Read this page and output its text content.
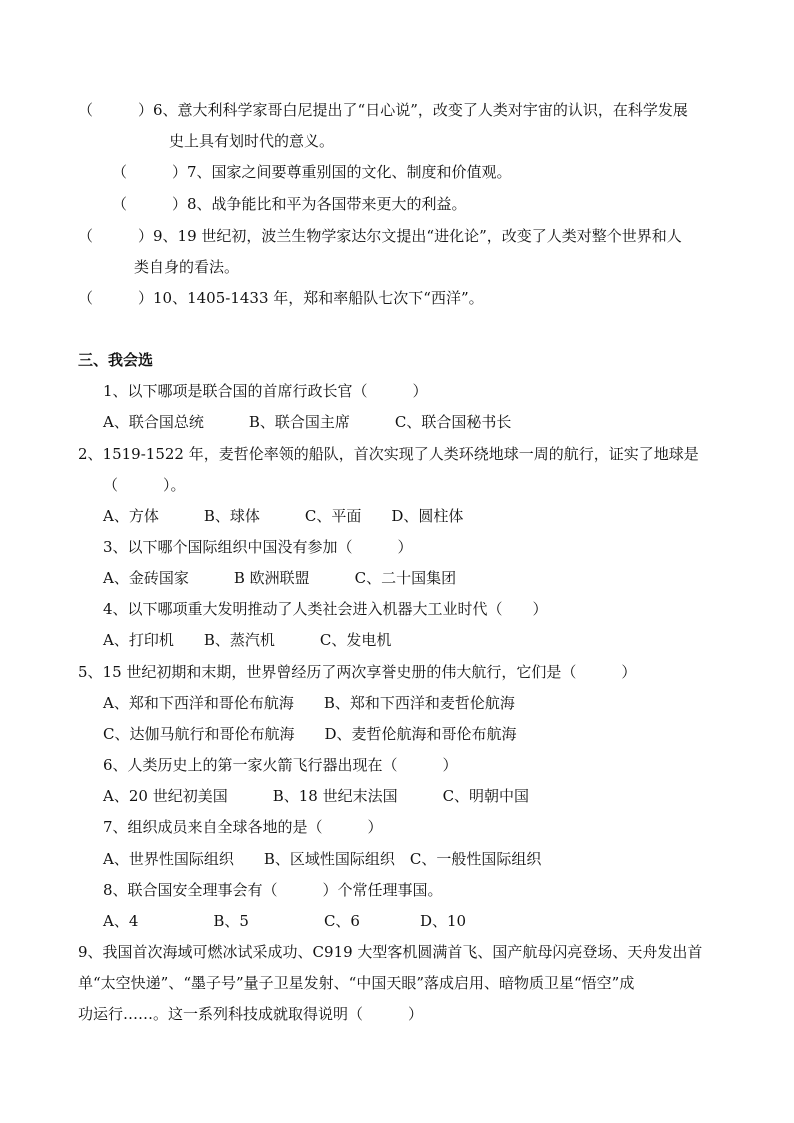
（　　　）6、意大利科学家哥白尼提出了“日心说”，改变了人类对宇宙的认识，在科学发展
史上具有划时代的意义。
（　　　）7、国家之间要尊重别国的文化、制度和价值观。
（　　　）8、战争能比和平为各国带来更大的利益。
（　　　）9、19 世纪初，波兰生物学家达尔文提出“进化论”，改变了人类对整个世界和人
类自身的看法。
（　　　）10、1405-1433 年，郑和率船队七次下“西洋”。
三、我会选
1、以下哪项是联合国的首席行政长官（　　　）
A、联合国总统　　　B、联合国主席　　　C、联合国秘书长
2、1519-1522 年，麦哲伦率领的船队，首次实现了人类环绕地球一周的航行，证实了地球是
（　　　）。
A、方体　　　B、球体　　　C、平面　　D、圆柱体
3、以下哪个国际组织中国没有参加（　　　）
A、金砖国家　　　B 欧洲联盟　　　C、二十国集团
4、以下哪项重大发明推动了人类社会进入机器大工业时代（　　）
A、打印机　　B、蒸汽机　　　C、发电机
5、15 世纪初期和末期，世界曾经历了两次享誉史册的伟大航行，它们是（　　　）
A、郑和下西洋和哥伦布航海　　B、郑和下西洋和麦哲伦航海
C、达伽马航行和哥伦布航海　　D、麦哲伦航海和哥伦布航海
6、人类历史上的第一家火箭飞行器出现在（　　　）
A、20 世纪初美国　　　B、18 世纪末法国　　　C、明朝中国
7、组织成员来自全球各地的是（　　　）
A、世界性国际组织　　B、区域性国际组织　C、一般性国际组织
8、联合国安全理事会有（　　　）个常任理事国。
A、4　　　　　B、5　　　　　C、6　　　　D、10
9、我国首次海域可燃冰试采成功、C919 大型客机圆满首飞、国产航母闪亮登场、天舟发出首
单“太空快递”、“墨子号”量子卫星发射、“中国天眼”落成启用、暗物质卫星“悟空”成
功运行……。这一系列科技成就取得说明（　　　）
